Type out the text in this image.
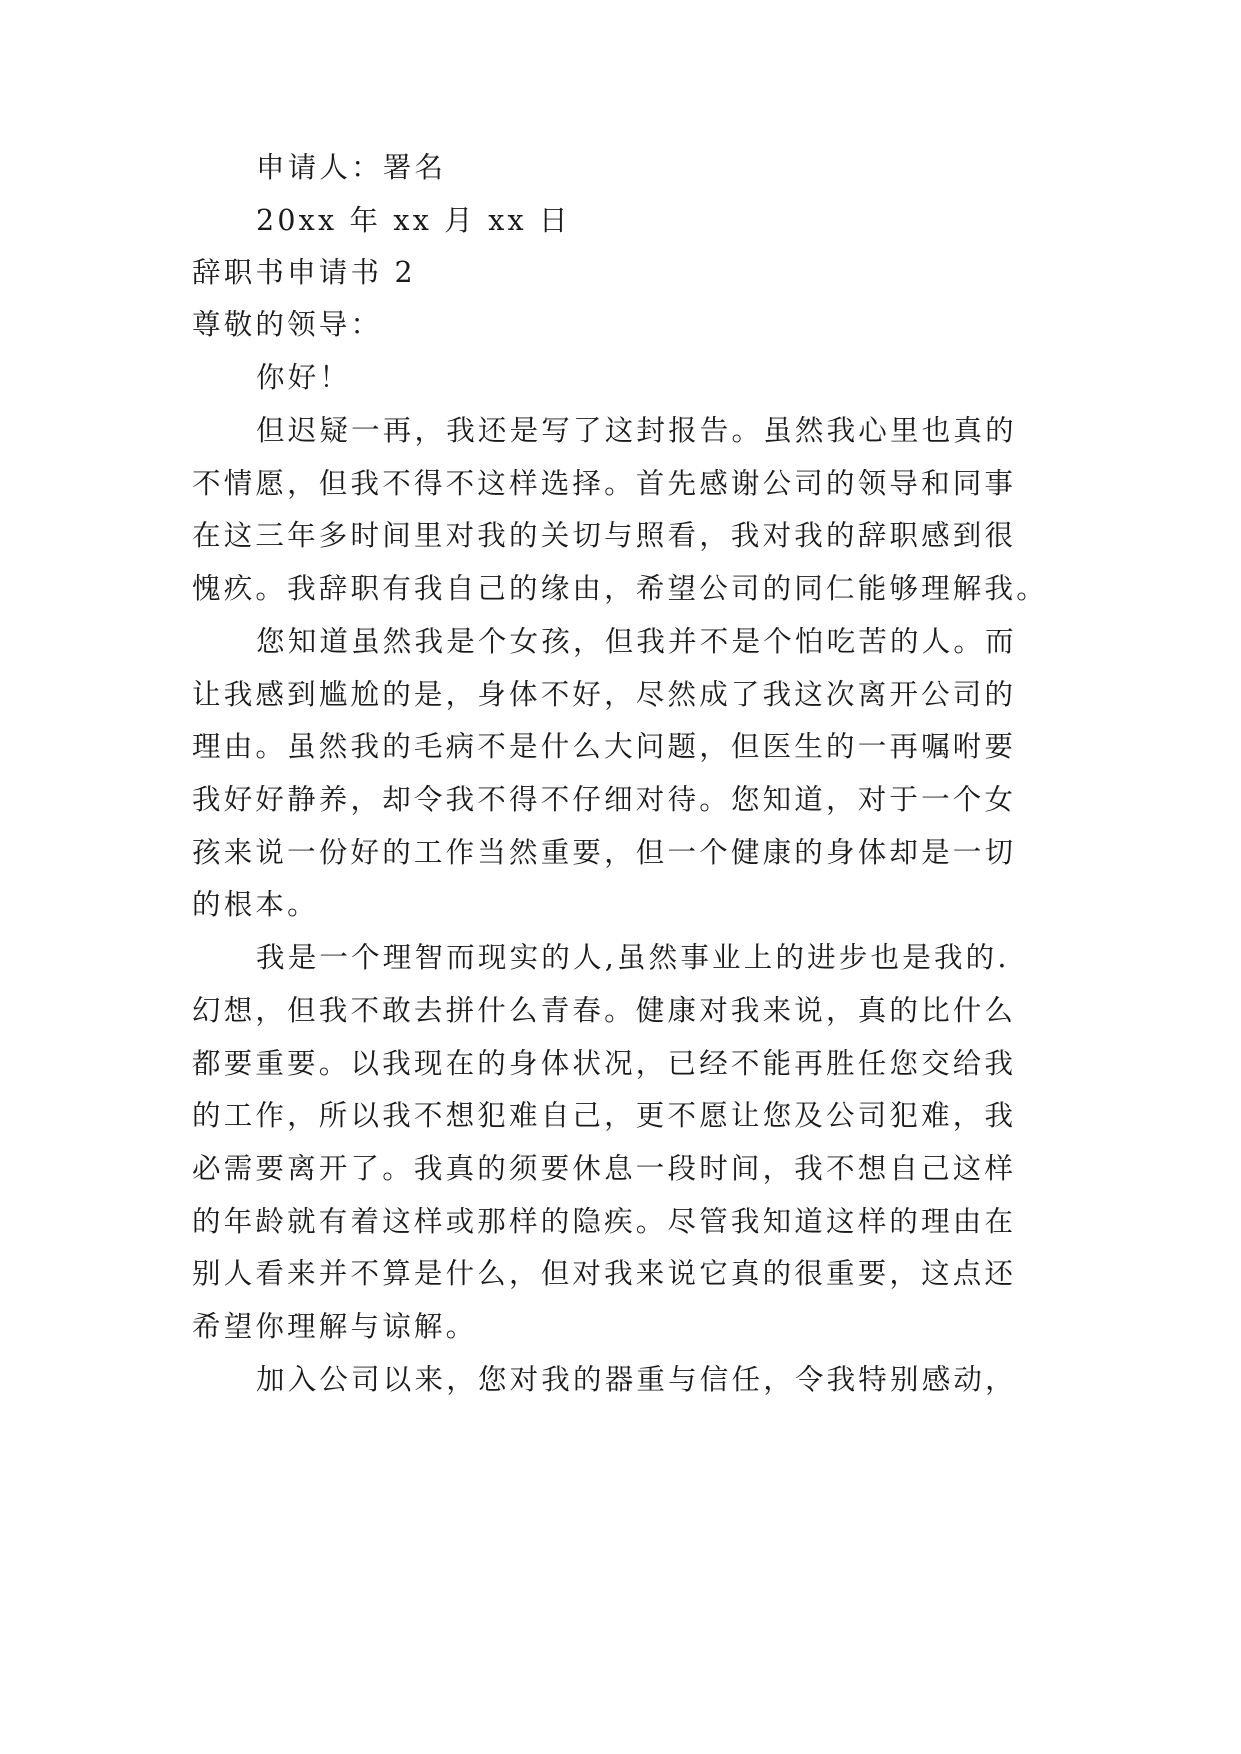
申请人：署名
20xx 年 xx 月 xx 日
辞职书申请书 2
尊敬的领导：
你好！
但迟疑一再，我还是写了这封报告。虽然我心里也真的
不情愿，但我不得不这样选择。首先感谢公司的领导和同事
在这三年多时间里对我的关切与照看，我对我的辞职感到很
愧疚。我辞职有我自己的缘由，希望公司的同仁能够理解我。
您知道虽然我是个女孩，但我并不是个怕吃苦的人。而
让我感到尴尬的是，身体不好，尽然成了我这次离开公司的
理由。虽然我的毛病不是什么大问题，但医生的一再嘱咐要
我好好静养，却令我不得不仔细对待。您知道，对于一个女
孩来说一份好的工作当然重要，但一个健康的身体却是一切
的根本。
我是一个理智而现实的人,虽然事业上的进步也是我的.
幻想，但我不敢去拼什么青春。健康对我来说，真的比什么
都要重要。以我现在的身体状况，已经不能再胜任您交给我
的工作，所以我不想犯难自己，更不愿让您及公司犯难，我
必需要离开了。我真的须要休息一段时间，我不想自己这样
的年龄就有着这样或那样的隐疾。尽管我知道这样的理由在
别人看来并不算是什么，但对我来说它真的很重要，这点还
希望你理解与谅解。
加入公司以来，您对我的器重与信任，令我特别感动，
